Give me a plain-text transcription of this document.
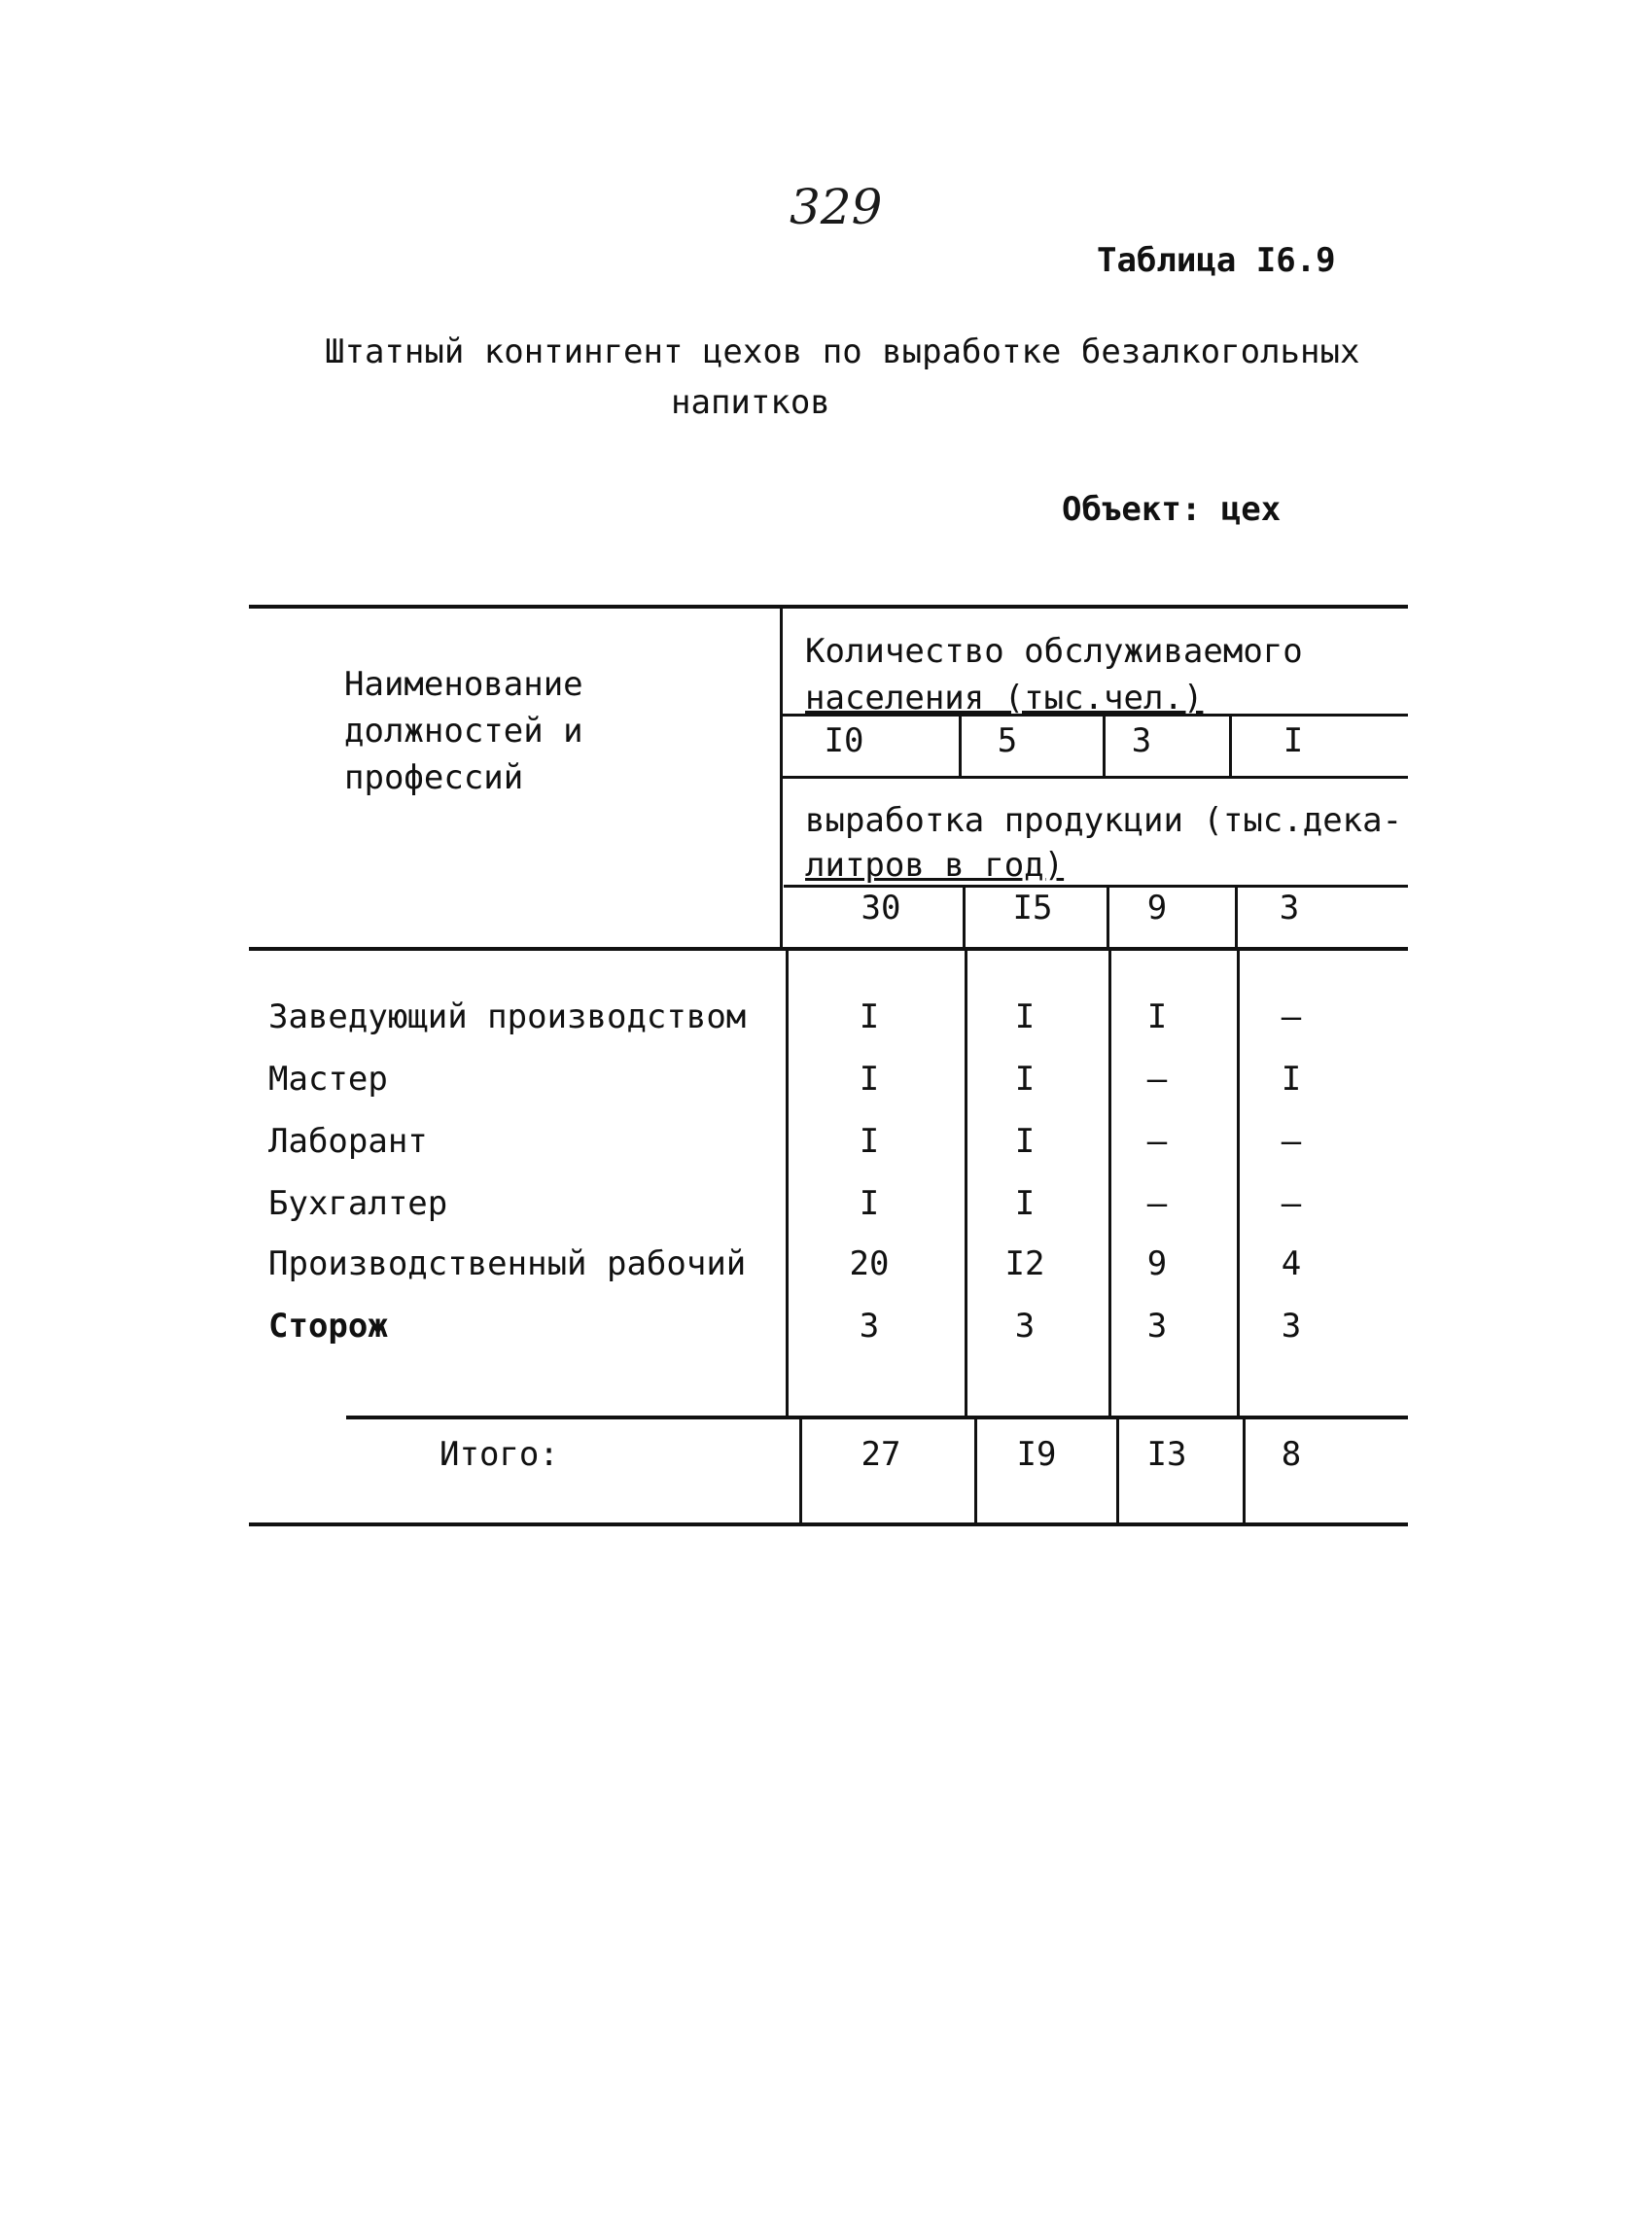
329
Таблица I6.9
Штатный контингент цехов по выработке безалкогольных
напитков
Объект: цех
Наименование
должностей и
профессий
Количество обслуживаемого
населения (тыс.чел.)
I0	5	3	I
выработка продукции (тыс.дека-
литров в год)
30	I5	9	3
Заведующий производством	I	I	I	–
Мастер	I	I	–	I
Лаборант	I	I	–	–
Бухгалтер	I	I	–	–
Производственный рабочий	20	I2	9	4
Сторож	3	3	3	3
Итого:	27	I9	I3	8
